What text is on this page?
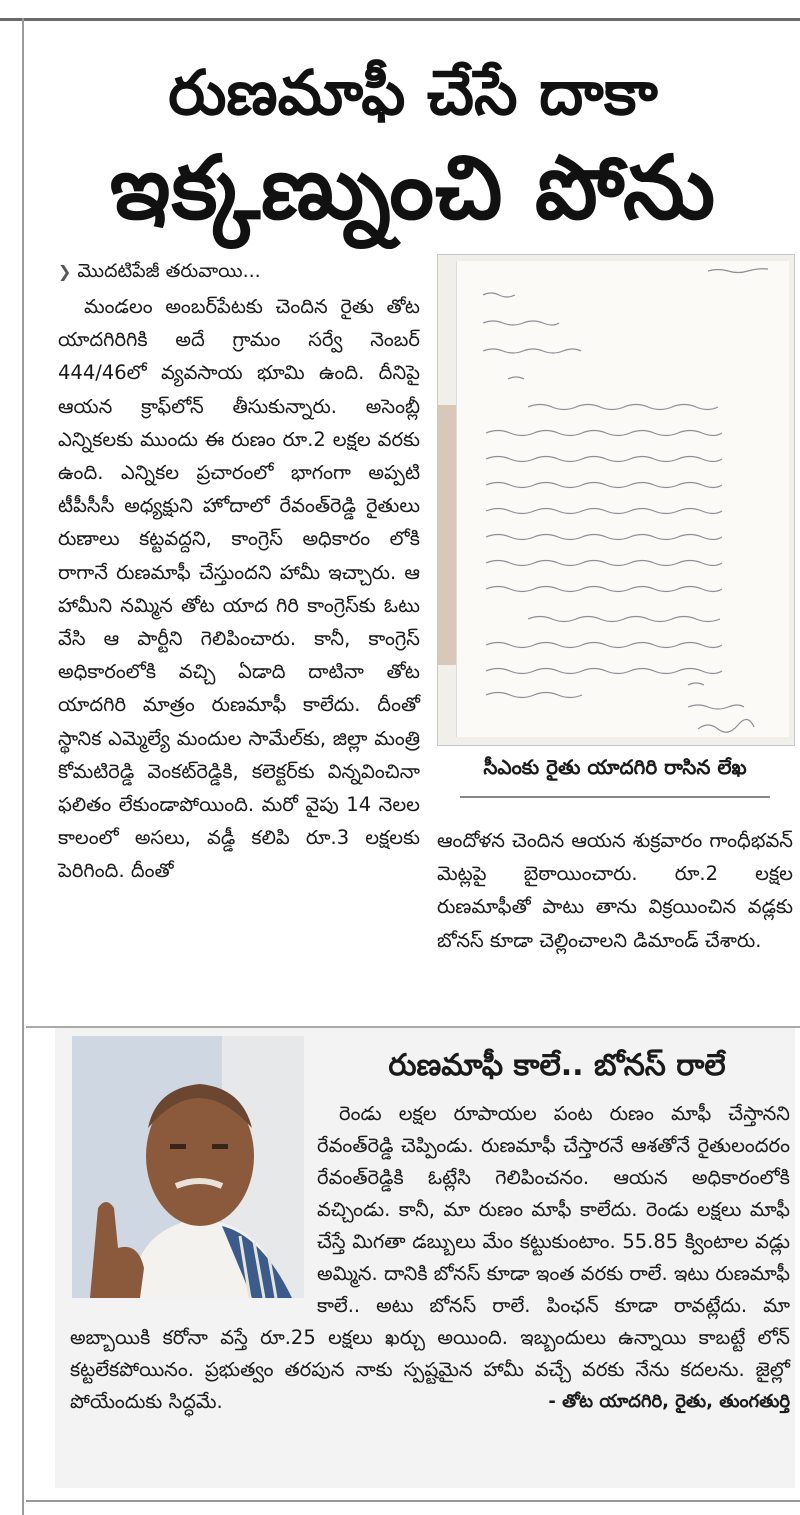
రుణమాఫీ చేసే దాకా
ఇక్కణ్నుంచి పోను
❯ మొదటిపేజీ తరువాయి...
మండలం అంబర్‌పేటకు చెందిన రైతు తోట యాదగిరిగికి అదే గ్రామం సర్వే నెంబర్ 444/46లో వ్యవసాయ భూమి ఉంది. దీనిపై ఆయన క్రాఫ్‌లోన్ తీసుకున్నారు. అసెంబ్లీ ఎన్నికలకు ముందు ఈ రుణం రూ.2 లక్షల వరకు ఉంది. ఎన్నికల ప్రచారంలో భాగంగా అప్పటి టీపీసీసీ అధ్యక్షుని హోదాలో రేవంత్‌రెడ్డి రైతులు రుణాలు కట్టవద్దని, కాంగ్రెస్ అధికారం లోకి రాగానే రుణమాఫీ చేస్తుందని హామీ ఇచ్చారు. ఆ హామీని నమ్మిన తోట యాద గిరి కాంగ్రెస్‌కు ఓటు వేసి ఆ పార్టీని గెలిపించారు. కానీ, కాంగ్రెస్ అధికారంలోకి వచ్చి ఏడాది దాటినా తోట యాదగిరి మాత్రం రుణమాఫీ కాలేదు. దీంతో స్థానిక ఎమ్మెల్యే మందుల సామేల్‌కు, జిల్లా మంత్రి కోమటిరెడ్డి వెంకట్‌రెడ్డికి, కలెక్టర్‌కు విన్నవించినా ఫలితం లేకుండాపోయింది. మరో వైపు 14 నెలల కాలంలో అసలు, వడ్డీ కలిపి రూ.3 లక్షలకు పెరిగింది. దీంతో
సీఎంకు రైతు యాదగిరి రాసిన లేఖ
ఆందోళన చెందిన ఆయన శుక్రవారం గాంధీభవన్ మెట్లపై బైఠాయించారు. రూ.2 లక్షల రుణమాఫీతో పాటు తాను విక్రయించిన వడ్లకు బోనస్ కూడా చెల్లించాలని డిమాండ్ చేశారు.
రుణమాఫీ కాలే.. బోనస్ రాలే

రెండు లక్షల రూపాయల పంట రుణం మాఫీ చేస్తానని రేవంత్‌రెడ్డి చెప్పిండు. రుణమాఫీ చేస్తారనే ఆశతోనే రైతులందరం రేవంత్‌రెడ్డికి ఓట్లేసి గెలిపించనం. ఆయన అధికారంలోకి వచ్చిండు. కానీ, మా రుణం మాఫీ కాలేదు. రెండు లక్షలు మాఫీ చేస్తే మిగతా డబ్బులు మేం కట్టుకుంటాం. 55.85 క్వింటాల వడ్లు అమ్మిన. దానికి బోనస్ కూడా ఇంత వరకు రాలే. ఇటు రుణమాఫీ కాలే.. అటు బోనస్ రాలే. పింఛన్ కూడా రావట్లేదు. మా అబ్బాయికి కరోనా వస్తే రూ.25 లక్షలు ఖర్చు అయింది. ఇబ్బందులు ఉన్నాయి కాబట్టే లోన్ కట్టలేకపోయినం. ప్రభుత్వం తరపున నాకు స్పష్టమైన హామీ వచ్చే వరకు నేను కదలను. జైల్లో పోయేందుకు సిద్ధమే.	- తోట యాదగిరి, రైతు, తుంగతుర్తి
